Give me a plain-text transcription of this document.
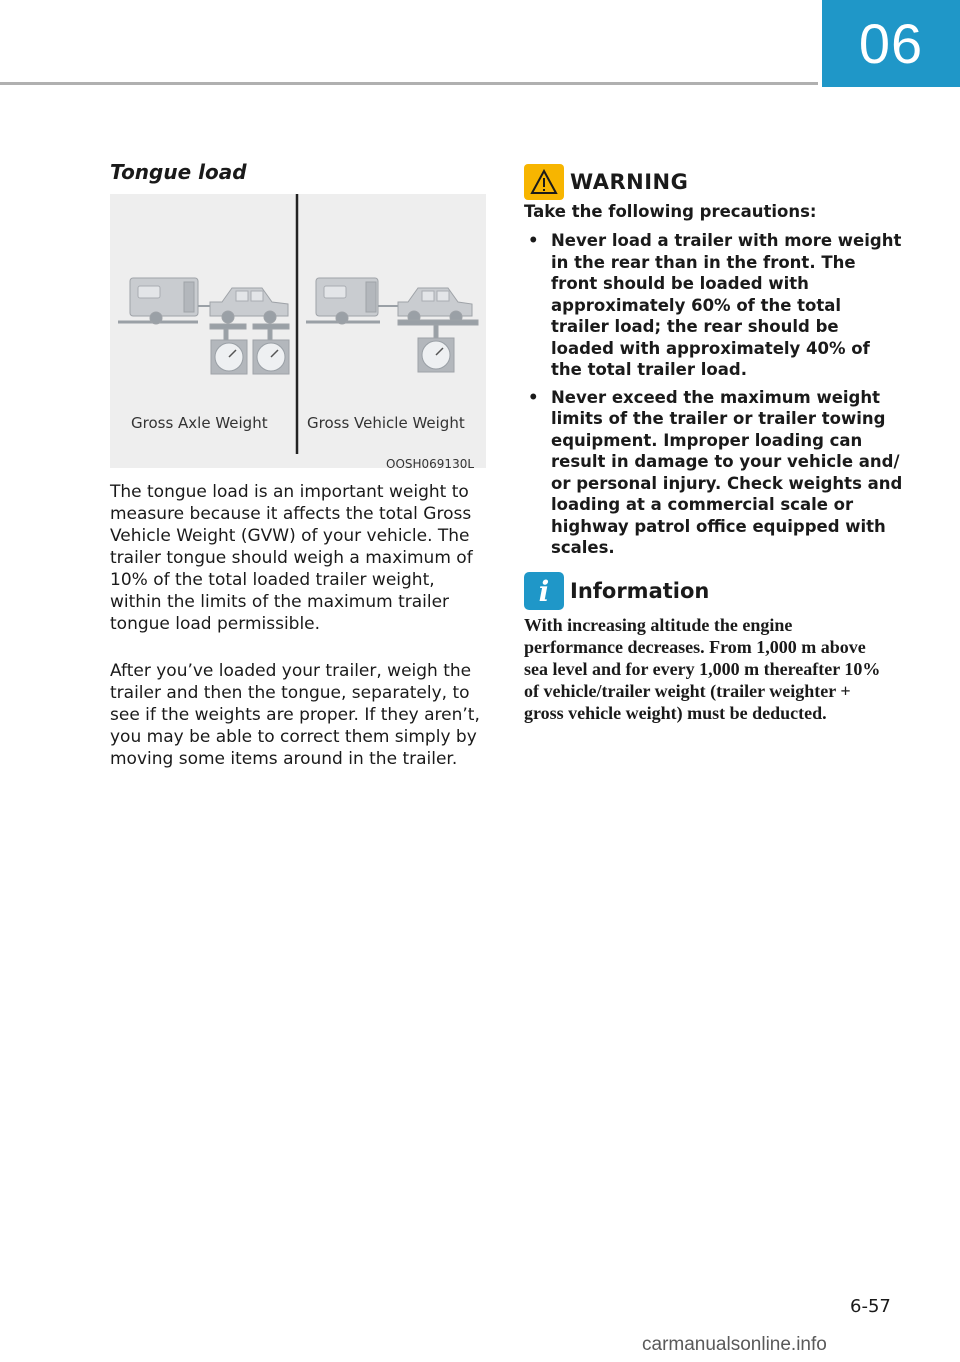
06
Tongue load
Gross Axle Weight	Gross Vehicle Weight
OOSH069130L

The tongue load is an important weight to measure because it affects the total Gross Vehicle Weight (GVW) of your vehicle. The trailer tongue should weigh a maximum of 10% of the total loaded trailer weight, within the limits of the maximum trailer tongue load permissible.

After you’ve loaded your trailer, weigh the trailer and then the tongue, separately, to see if the weights are proper. If they aren’t, you may be able to correct them simply by moving some items around in the trailer.

WARNING
Take the following precautions:
• Never load a trailer with more weight in the rear than in the front. The front should be loaded with approximately 60% of the total trailer load; the rear should be loaded with approximately 40% of the total trailer load.
• Never exceed the maximum weight limits of the trailer or trailer towing equipment. Improper loading can result in damage to your vehicle and/ or personal injury. Check weights and loading at a commercial scale or highway patrol office equipped with scales.
i Information

With increasing altitude the engine performance decreases. From 1,000 m above sea level and for every 1,000 m thereafter 10% of vehicle/trailer weight (trailer weighter + gross vehicle weight) must be deducted.

6-57
carmanualsonline.info
